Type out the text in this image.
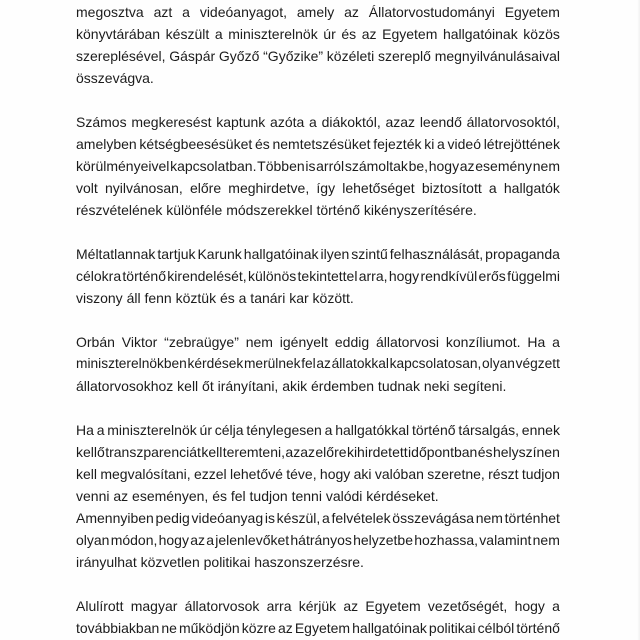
megosztva azt a videóanyagot, amely az Állatorvostudományi Egyetem
könyvtárában készült a miniszterelnök úr és az Egyetem hallgatóinak közös
szereplésével, Gáspár Győző “Győzike” közéleti szereplő megnyilvánulásaival
összevágva.
Számos megkeresést kaptunk azóta a diákoktól, azaz leendő állatorvosoktól,
amelyben kétségbeesésüket és nemtetszésüket fejezték ki a videó létrejöttének
körülményeivel kapcsolatban. Többen is arról számoltak be, hogy az esemény nem
volt nyilvánosan, előre meghirdetve, így lehetőséget biztosított a hallgatók
részvételének különféle módszerekkel történő kikényszerítésére.
Méltatlannak tartjuk Karunk hallgatóinak ilyen szintű felhasználását, propaganda
célokra történő kirendelését, különös tekintettel arra, hogy rendkívül erős függelmi
viszony áll fenn köztük és a tanári kar között.
Orbán Viktor “zebraügye” nem igényelt eddig állatorvosi konzíliumot. Ha a
miniszterelnökben kérdések merülnek fel az állatokkal kapcsolatosan, olyan végzett
állatorvosokhoz kell őt irányítani, akik érdemben tudnak neki segíteni.
Ha a miniszterelnök úr célja ténylegesen a hallgatókkal történő társalgás, ennek
kellő transzparenciát kell teremteni, azaz előre kihirdetett időpontban és helyszínen
kell megvalósítani, ezzel lehetővé téve, hogy aki valóban szeretne, részt tudjon
venni az eseményen, és fel tudjon tenni valódi kérdéseket.
Amennyiben pedig videóanyag is készül, a felvételek összevágása nem történhet
olyan módon, hogy az a jelenlevőket hátrányos helyzetbe hozhassa, valamint nem
irányulhat közvetlen politikai haszonszerzésre.
Alulírott magyar állatorvosok arra kérjük az Egyetem vezetőségét, hogy a
továbbiakban ne működjön közre az Egyetem hallgatóinak politikai célból történő
